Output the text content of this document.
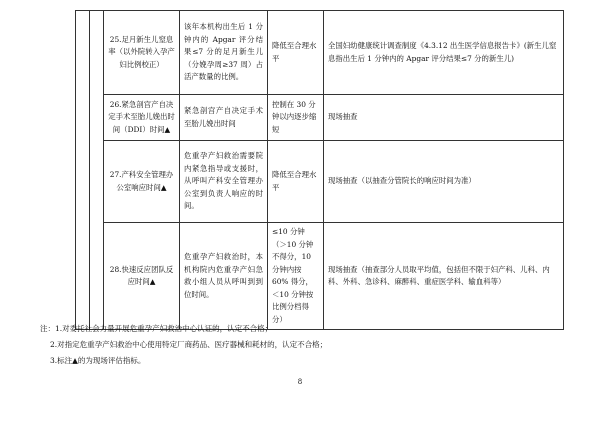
		25.足月新生儿窒息率（以外院转入孕产妇比例校正）	该年本机构出生后 1 分钟内的 Apgar 评分结果≤7 分的足月新生儿（分娩孕周≥37 周）占活产数量的比例。	降低至合理水平	全国妇幼健康统计调查制度《4.3.12 出生医学信息报告卡》(新生儿窒息指出生后 1 分钟内的 Apgar 评分结果≤7 分的新生儿)
		26.紧急剖宫产自决定手术至胎儿娩出时间（DDI）时间▲	紧急剖宫产自决定手术至胎儿娩出时间	控制在 30 分钟以内逐步缩短	现场抽查
		27.产科安全管理办公室响应时间▲	危重孕产妇救治需要院内紧急指导或支援时，从呼叫产科安全管理办公室到负责人响应的时间。	降低至合理水平	现场抽查（以抽查分管院长的响应时间为准）
		28.快速反应团队反应时间▲	危重孕产妇救治时，本机构院内危重孕产妇急救小组人员从呼叫到到位时间。	≤10 分钟（＞10 分钟不得分，10 分钟内按 60% 得分，＜10 分钟按比例分档得分）	现场抽查（抽查部分人员取平均值，包括但不限于妇产科、儿科、内科、外科、急诊科、麻醉科、重症医学科、输血科等）
注：1.对委托社会力量开展危重孕产妇救治中心认证的，认定不合格；
2.对指定危重孕产妇救治中心使用特定厂商药品、医疗器械和耗材的，认定不合格；
3.标注▲的为现场评估指标。
8
